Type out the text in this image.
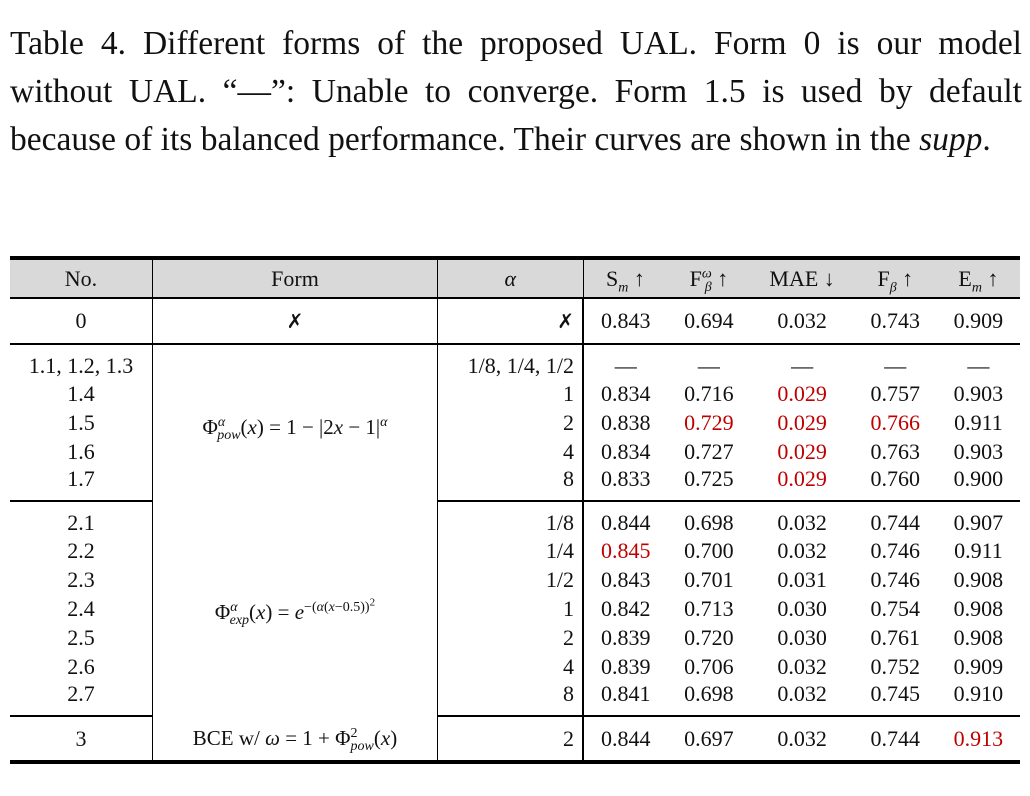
Table 4. Different forms of the proposed UAL. Form 0 is our model without UAL. “—”: Unable to converge. Form 1.5 is used by default because of its balanced performance. Their curves are shown in the supp.
No.	Form	α	$S_m$ ↑	$F^\omega_\beta$ ↑	MAE ↓	$F_\beta$ ↑	$E_m$ ↑
0	✗	✗	0.843	0.694	0.032	0.743	0.909
1.1, 1.2, 1.3	$\Phi^\alpha_{pow}(x) = 1 - |2x - 1|^\alpha$	1/8, 1/4, 1/2	—	—	—	—	—
1.4		1	0.834	0.716	0.029	0.757	0.903
1.5		2	0.838	0.729	0.029	0.766	0.911
1.6		4	0.834	0.727	0.029	0.763	0.903
1.7		8	0.833	0.725	0.029	0.760	0.900
2.1	$\Phi^\alpha_{exp}(x) = e^{-(\alpha(x-0.5))^2}$	1/8	0.844	0.698	0.032	0.744	0.907
2.2		1/4	0.845	0.700	0.032	0.746	0.911
2.3		1/2	0.843	0.701	0.031	0.746	0.908
2.4		1	0.842	0.713	0.030	0.754	0.908
2.5		2	0.839	0.720	0.030	0.761	0.908
2.6		4	0.839	0.706	0.032	0.752	0.909
2.7		8	0.841	0.698	0.032	0.745	0.910
3	BCE w/ $\omega = 1 + \Phi^2_{pow}(x)$	2	0.844	0.697	0.032	0.744	0.913
